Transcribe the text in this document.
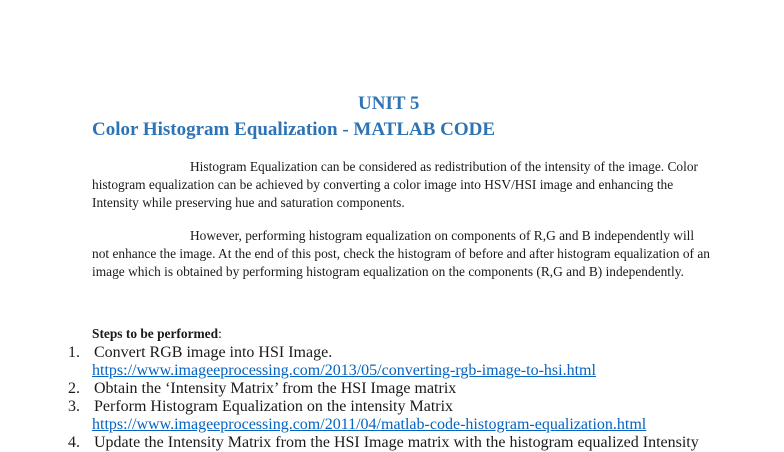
UNIT 5
Color Histogram Equalization - MATLAB CODE

Histogram Equalization can be considered as redistribution of the intensity of the image. Color histogram equalization can be achieved by converting a color image into HSV/HSI image and enhancing the Intensity while preserving hue and saturation components.

However, performing histogram equalization on components of R,G and B independently will not enhance the image. At the end of this post, check the histogram of before and after histogram equalization of an image which is obtained by performing histogram equalization on the components (R,G and B) independently.

Steps to be performed:

1. Convert RGB image into HSI Image.
https://www.imageeprocessing.com/2013/05/converting-rgb-image-to-hsi.html
2. Obtain the ‘Intensity Matrix’ from the HSI Image matrix
3. Perform Histogram Equalization on the intensity Matrix
https://www.imageeprocessing.com/2011/04/matlab-code-histogram-equalization.html
4. Update the Intensity Matrix from the HSI Image matrix with the histogram equalized Intensity
